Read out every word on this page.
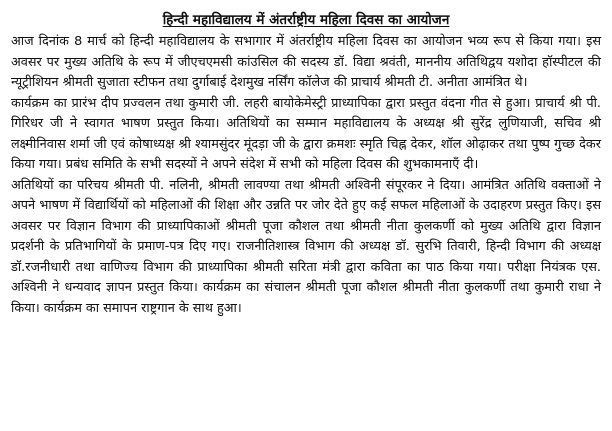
हिन्दी महाविद्यालय में अंतर्राष्ट्रीय महिला दिवस का आयोजन

आज दिनांक 8 मार्च को हिन्दी महाविद्यालय के सभागार में अंतर्राष्ट्रीय महिला दिवस का आयोजन भव्य रूप से किया गया। इस अवसर पर मुख्य अतिथि के रूप में जीएचएमसी कांउसिल की सदस्य डॉ. विद्या श्रवंती, माननीय अतिथिद्वय यशोदा हॉस्पीटल की न्यूट्रीशियन श्रीमती सुजाता स्टीफन तथा दुर्गाबाई देशमुख नर्सिंग कॉलेज की प्राचार्य श्रीमती टी. अनीता आमंत्रित थे।

कार्यक्रम का प्रारंभ दीप प्रज्वलन तथा कुमारी जी. लहरी बायोकेमेस्ट्री प्राध्यापिका द्वारा प्रस्तुत वंदना गीत से हुआ। प्राचार्य श्री पी. गिरिधर जी ने स्वागत भाषण प्रस्तुत किया। अतिथियों का सम्मान महाविद्यालय के अध्यक्ष श्री सुरेंद्र लुणियाजी, सचिव श्री लक्ष्मीनिवास शर्मा जी एवं कोषाध्यक्ष श्री श्यामसुंदर मूंदड़ा जी के द्वारा क्रमशः स्मृति चिह्न देकर, शॉल ओढ़ाकर तथा पुष्प गुच्छ देकर किया गया। प्रबंध समिति के सभी सदस्यों ने अपने संदेश में सभी को महिला दिवस की शुभकामनाएँ दी।

अतिथियों का परिचय श्रीमती पी. नलिनी, श्रीमती लावण्या तथा श्रीमती अश्विनी संपूरकर ने दिया। आमंत्रित अतिथि वक्ताओं ने अपने भाषण में विद्यार्थियों को महिलाओं की शिक्षा और उन्नति पर जोर देते हुए कई सफल महिलाओं के उदाहरण प्रस्तुत किए। इस अवसर पर विज्ञान विभाग की प्राध्यापिकाओं श्रीमती पूजा कौशल तथा श्रीमती नीता कुलकर्णी को मुख्य अतिथि द्वारा विज्ञान प्रदर्शनी के प्रतिभागियों के प्रमाण-पत्र दिए गए। राजनीतिशास्त्र विभाग की अध्यक्ष डॉ. सुरभि तिवारी, हिन्दी विभाग की अध्यक्ष डॉ.रजनीधारी तथा वाणिज्य विभाग की प्राध्यापिका श्रीमती सरिता मंत्री द्वारा कविता का पाठ किया गया। परीक्षा नियंत्रक एस. अश्विनी ने धन्यवाद ज्ञापन प्रस्तुत किया। कार्यक्रम का संचालन श्रीमती पूजा कौशल श्रीमती नीता कुलकर्णी तथा कुमारी राधा ने किया। कार्यक्रम का समापन राष्ट्रगान के साथ हुआ।
